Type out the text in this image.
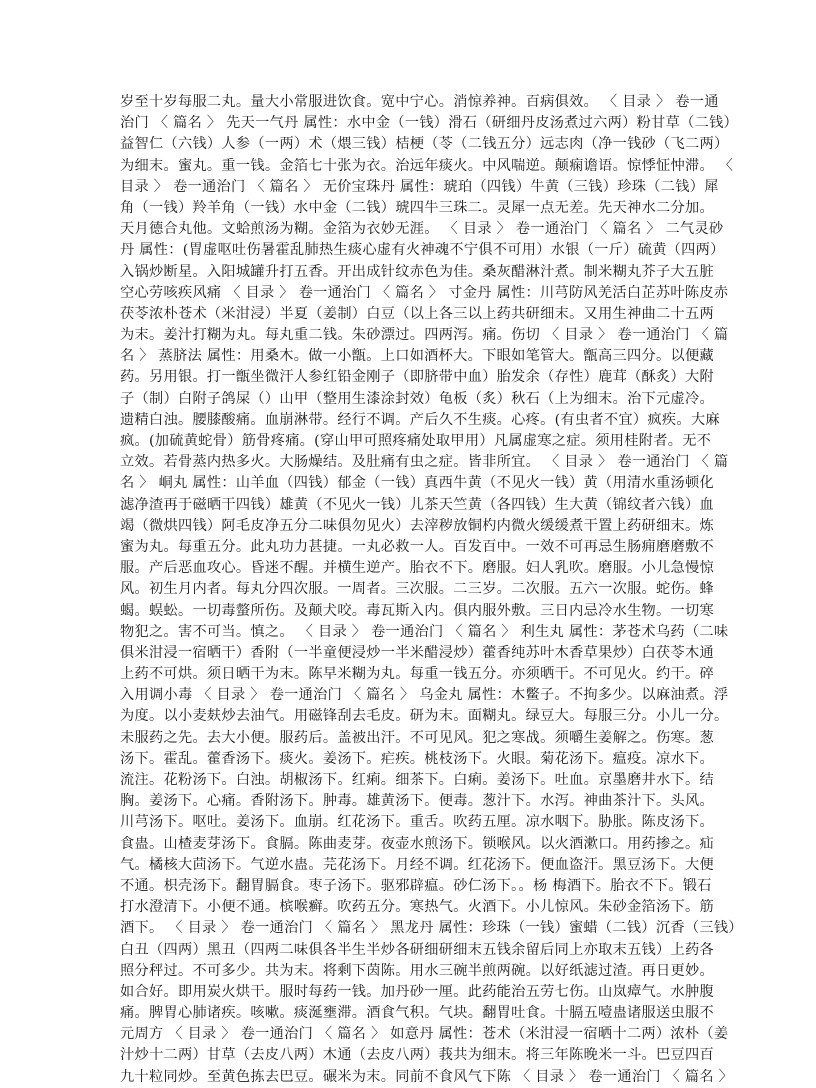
岁至十岁每服二丸。量大小常服进饮食。宽中宁心。消惊养神。百病俱效。 〈 目录 〉 卷一通
治门 〈 篇名 〉 先天一气丹 属性：水中金（一钱）滑石（研细丹皮汤煮过六两）粉甘草（二钱）
益智仁（六钱）人参（一两）术（煨三钱）桔梗（苓（二钱五分）远志肉（净一钱砂（飞二两）
为细末。蜜丸。重一钱。金箔七十张为衣。治远年痰火。中风喘逆。颠痫谵语。惊悸怔忡滞。 〈
目录 〉 卷一通治门 〈 篇名 〉 无价宝珠丹 属性：琥珀（四钱）牛黄（三钱）珍珠（二钱）犀
角（一钱）羚羊角（一钱）水中金（二钱）琥四牛三珠二。灵犀一点无差。先天神水二分加。
天月德合丸他。文蛤煎汤为糊。金箔为衣妙无涯。 〈 目录 〉 卷一通治门 〈 篇名 〉 二气灵砂
丹 属性：(胃虚呕吐伤暑霍乱肺热生痰心虚有火神魂不宁俱不可用）水银（一斤）硫黄（四两）
入锅炒断星。入阳城罐升打五香。开出成针纹赤色为佳。桑灰醋淋汁煮。制米糊丸芥子大五脏
空心劳咳疾风痛 〈 目录 〉 卷一通治门 〈 篇名 〉 寸金丹 属性：川芎防风羌活白芷苏叶陈皮赤
茯苓浓朴苍术（米泔浸）半夏（姜制）白豆（以上各三以上药共研细末。又用生神曲二十五两
为末。姜汁打糊为丸。每丸重二钱。朱砂漂过。四两泻。痛。伤切 〈 目录 〉 卷一通治门 〈 篇
名 〉 蒸脐法 属性：用桑木。做一小甑。上口如酒杯大。下眼如笔管大。甑高三四分。以便藏
药。另用银。打一甑坐微汗人参红铅金刚子（即脐带中血）胎发余（存性）鹿茸（酥炙）大附
子（制）白附子鸽屎（）山甲（整用生漆涂封效）龟板（炙）秋石（上为细末。治下元虚冷。
遗精白浊。腰膝酸痛。血崩淋带。经行不调。产后久不生痰。心疼。(有虫者不宜）疯疾。大麻
疯。(加硫黄蛇骨）筋骨疼痛。(穿山甲可照疼痛处取甲用）凡属虚寒之症。须用桂附者。无不
立效。若骨蒸内热多火。大肠燥结。及肚痛有虫之症。皆非所宜。 〈 目录 〉 卷一通治门 〈 篇
名 〉 峒丸 属性：山羊血（四钱）郁金（一钱）真西牛黄（不见火一钱）黄（用清水重汤顿化
滤净渣再于磁晒干四钱）雄黄（不见火一钱）儿茶天竺黄（各四钱）生大黄（锦纹者六钱）血
竭（微烘四钱）阿毛皮净五分二味俱勿见火）去滓秽放铜杓内微火缓缓煮干置上药研细末。炼
蜜为丸。每重五分。此丸功力甚捷。一丸必救一人。百发百中。一效不可再忌生肠痈磨磨敷不
服。产后恶血攻心。昏迷不醒。并横生逆产。胎衣不下。磨服。妇人乳吹。磨服。小儿急慢惊
风。初生月内者。每丸分四次服。一周者。三次服。二三岁。二次服。五六一次服。蛇伤。蜂
蝎。蜈蚣。一切毒螫所伤。及颠犬咬。毒瓦斯入内。俱内服外敷。三日内忌冷水生物。一切寒
物犯之。害不可当。慎之。 〈 目录 〉 卷一通治门 〈 篇名 〉 利生丸 属性：茅苍术乌药（二味
俱米泔浸一宿晒干）香附（一半童便浸炒一半米醋浸炒）藿香纯苏叶木香草果炒）白茯苓木通
上药不可烘。须日晒干为末。陈早米糊为丸。每重一钱五分。亦须晒干。不可见火。约干。碎
入用调小毒 〈 目录 〉 卷一通治门 〈 篇名 〉 乌金丸 属性：木鳖子。不拘多少。以麻油煮。浮
为度。以小麦麸炒去油气。用磁锋刮去毛皮。研为末。面糊丸。绿豆大。每服三分。小儿一分。
未服药之先。去大小便。服药后。盖被出汗。不可见风。犯之寒战。须嚼生姜解之。伤寒。葱
汤下。霍乱。藿香汤下。痰火。姜汤下。疟疾。桃枝汤下。火眼。菊花汤下。瘟疫。凉水下。
流注。花粉汤下。白浊。胡椒汤下。红痢。细茶下。白痢。姜汤下。吐血。京墨磨井水下。结
胸。姜汤下。心痛。香附汤下。肿毒。雄黄汤下。便毒。葱汁下。水泻。神曲茶汁下。头风。
川芎汤下。呕吐。姜汤下。血崩。红花汤下。重舌。吹药五厘。凉水咽下。胁胀。陈皮汤下。
食蛊。山楂麦芽汤下。食膈。陈曲麦芽。夜壶水煎汤下。锁喉风。以火酒漱口。用药掺之。疝
气。橘核大茴汤下。气逆水蛊。芫花汤下。月经不调。红花汤下。便血盗汗。黑豆汤下。大便
不通。枳壳汤下。翻胃膈食。枣子汤下。驱邪辟瘟。砂仁汤下。。杨 梅酒下。胎衣不下。锻石
打水澄清下。小便不通。槟喉癣。吹药五分。寒热气。火酒下。小儿惊风。朱砂金箔汤下。筋
酒下。 〈 目录 〉 卷一通治门 〈 篇名 〉 黑龙丹 属性：珍珠（一钱）蜜蜡（二钱）沉香（三钱）
白丑（四两）黑丑（四两二味俱各半生半炒各研细研细末五钱余留后同上亦取末五钱）上药各
照分秤过。不可多少。共为末。将剩下茵陈。用水三碗半煎两碗。以好纸滤过渣。再日更妙。
如合好。即用炭火烘干。服时每药一钱。加丹砂一厘。此药能治五劳七伤。山岚瘴气。水肿腹
痛。脾胃心肺诸疾。咳嗽。痰涎壅滞。酒食气积。气块。翻胃吐食。十膈五噎蛊诸服送虫服不
元周方 〈 目录 〉 卷一通治门 〈 篇名 〉 如意丹 属性：苍术（米泔浸一宿晒十二两）浓朴（姜
汁炒十二两）甘草（去皮八两）木通（去皮八两）莪共为细末。将三年陈晚米一斗。巴豆四百
九十粒同炒。至黄色拣去巴豆。碾米为末。同前不食风气下陈 〈 目录 〉 卷一通治门 〈 篇名 〉
